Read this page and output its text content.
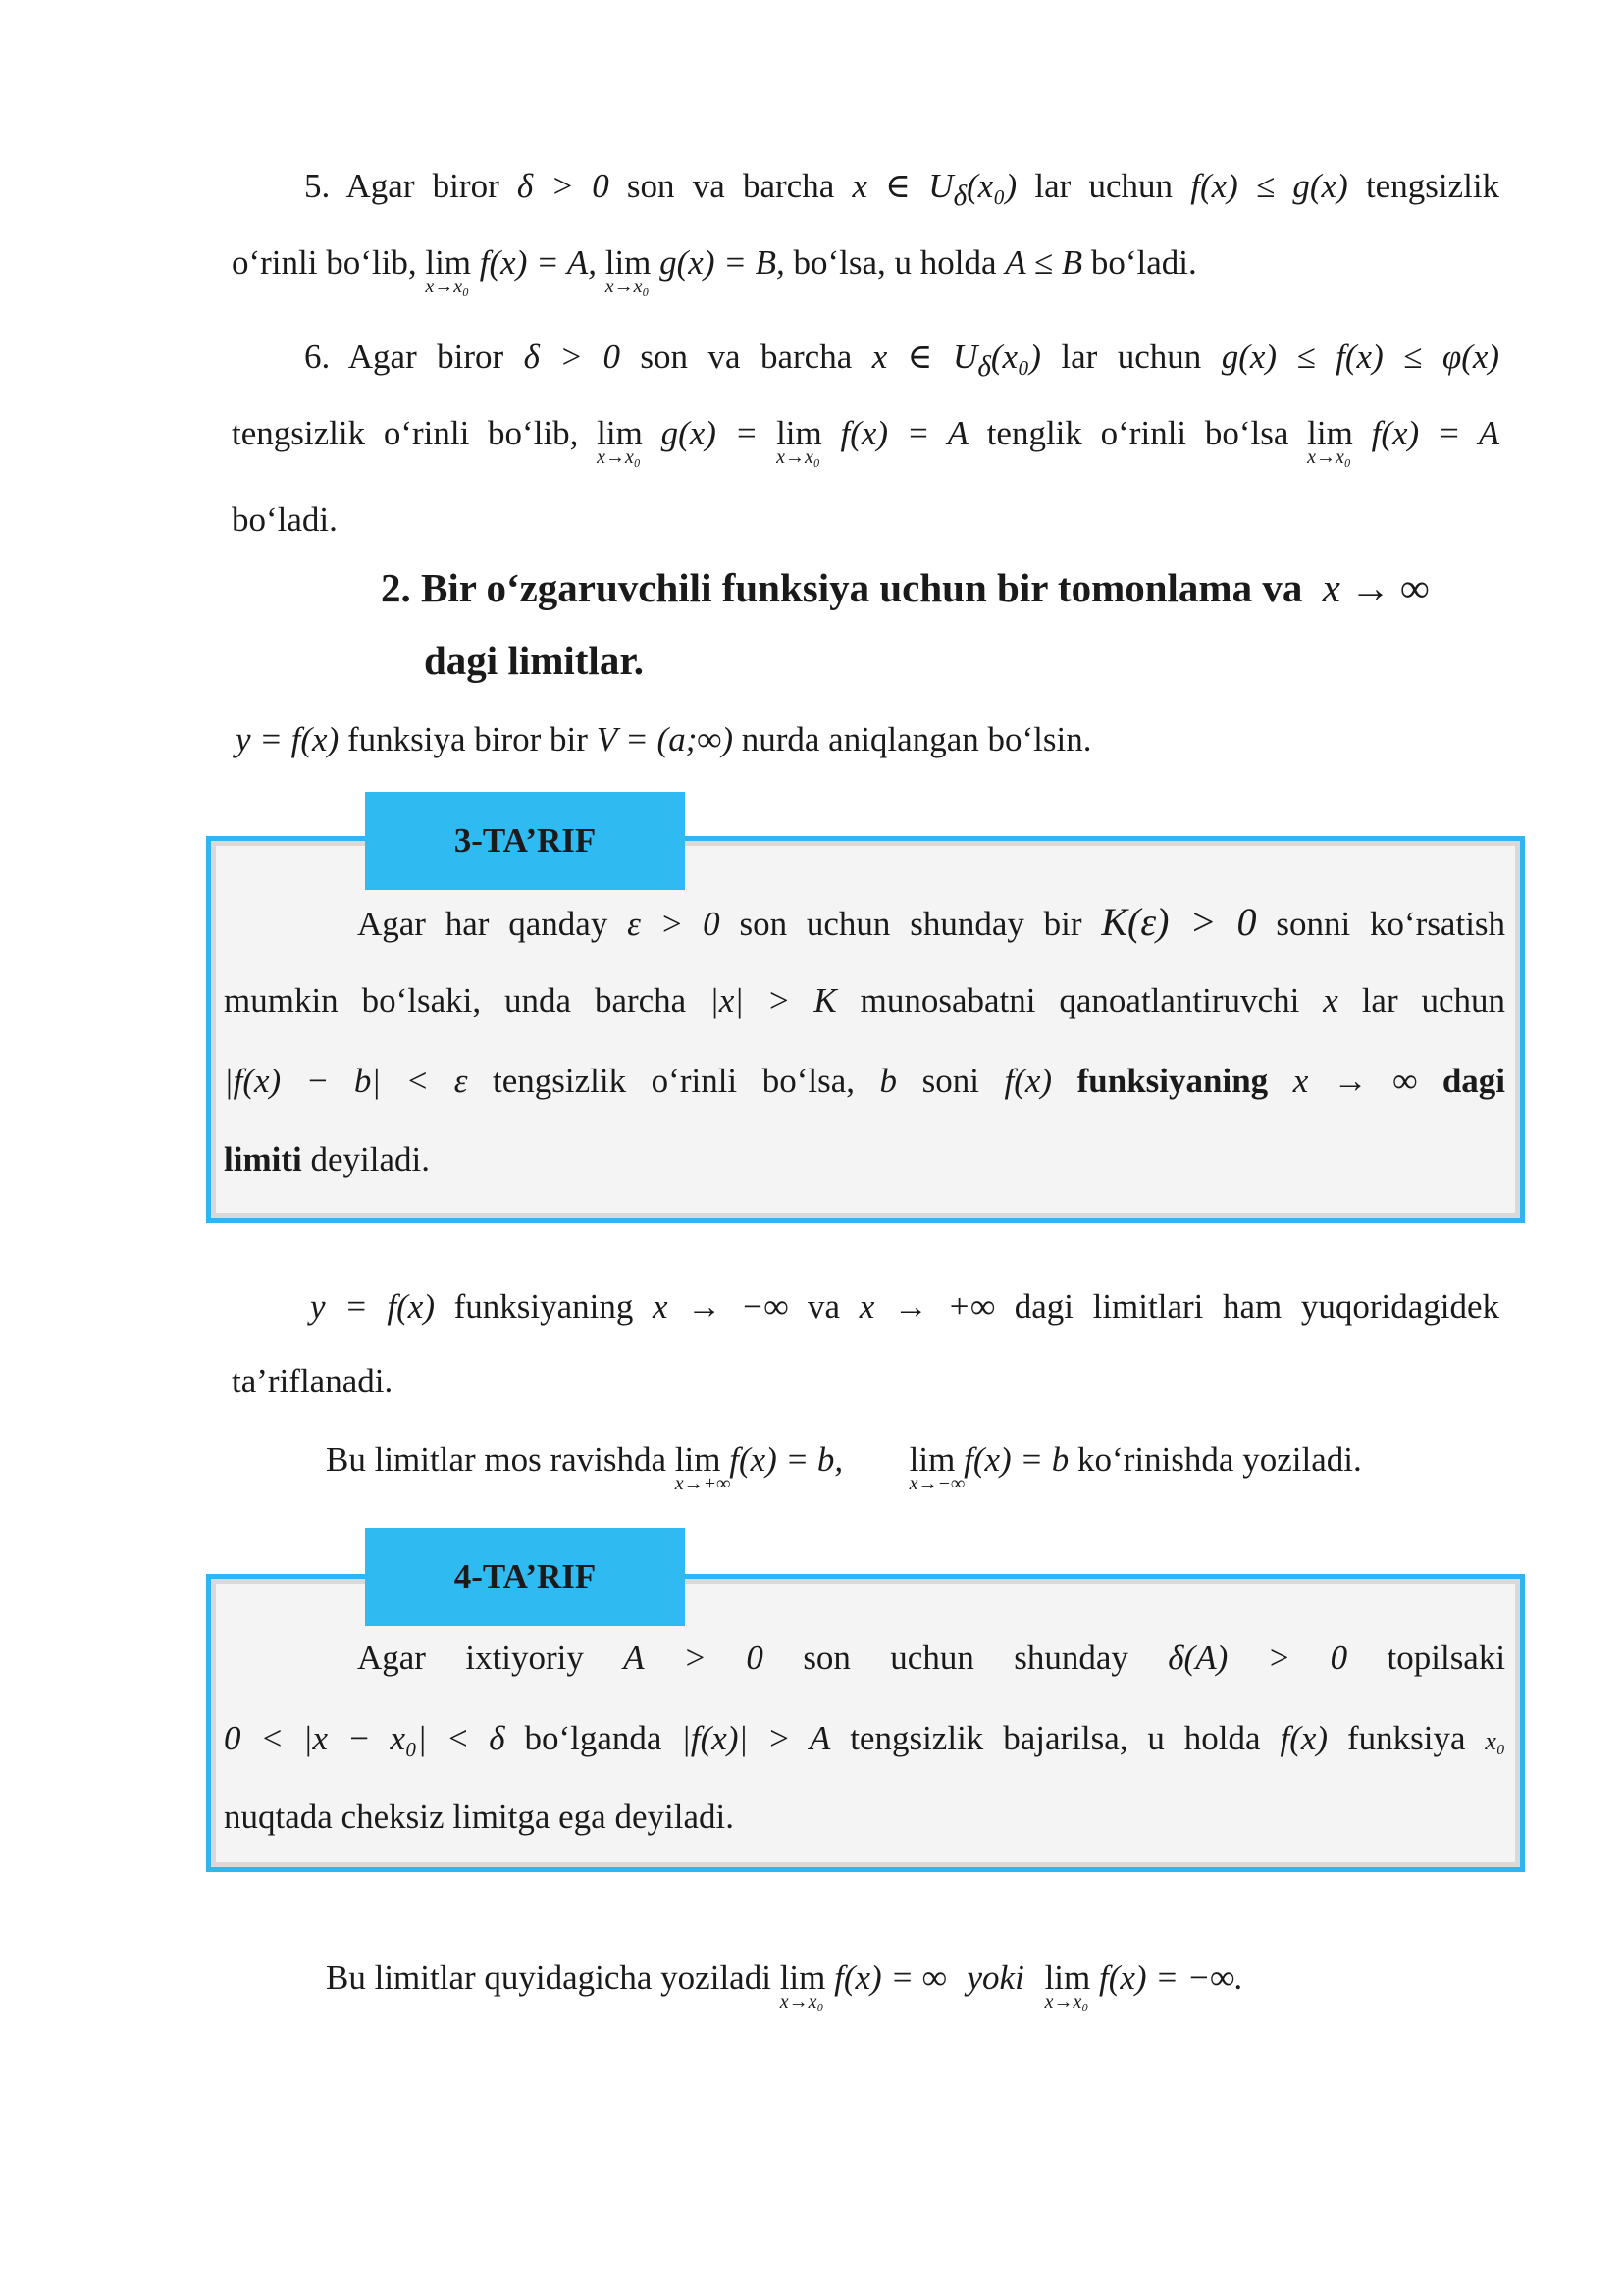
5. Agar biror δ > 0 son va barcha x ∈ $U_\delta(x_0)$ lar uchun f(x) ≤ g(x) tengsizlik
o‘rinli bo‘lib, lim
x→x₀
f(x) = A, lim
x→x₀
g(x) = B, bo‘lsa, u holda A ≤ B bo‘ladi.
6. Agar biror δ > 0 son va barcha x ∈ $U_\delta(x_0)$ lar uchun g(x) ≤ f(x) ≤ φ(x)
tengsizlik o‘rinli bo‘lib, lim
x→x₀
g(x) = lim
x→x₀
f(x) = A tenglik o‘rinli bo‘lsa lim
x→x₀
f(x) = A
bo‘ladi.
2. Bir o‘zgaruvchili funksiya uchun bir tomonlama va x → ∞
dagi limitlar.
y = f(x) funksiya biror bir V = (a;∞) nurda aniqlangan bo‘lsin.
3-TA’RIF
Agar har qanday ε > 0 son uchun shunday bir K(ε) > 0 sonni ko‘rsatish
mumkin bo‘lsaki, unda barcha |x| > K munosabatni qanoatlantiruvchi x lar uchun
|f(x) − b| < ε tengsizlik o‘rinli bo‘lsa, b soni f(x) funksiyaning x → ∞ dagi
limiti deyiladi.
y = f(x) funksiyaning x → −∞ va x → +∞ dagi limitlari ham yuqoridagidek
ta’riflanadi.
Bu limitlar mos ravishda lim
x→+∞
f(x) = b, lim
x→−∞
f(x) = b ko‘rinishda yoziladi.
4-TA’RIF
Agar ixtiyoriy A > 0 son uchun shunday δ(A) > 0 topilsaki
0 < |x − x₀| < δ bo‘lganda |f(x)| > A tengsizlik bajarilsa, u holda f(x) funksiya x₀
nuqtada cheksiz limitga ega deyiladi.
Bu limitlar quyidagicha yoziladi lim
x→x₀
f(x) = ∞ yoki lim
x→x₀
f(x) = −∞.
